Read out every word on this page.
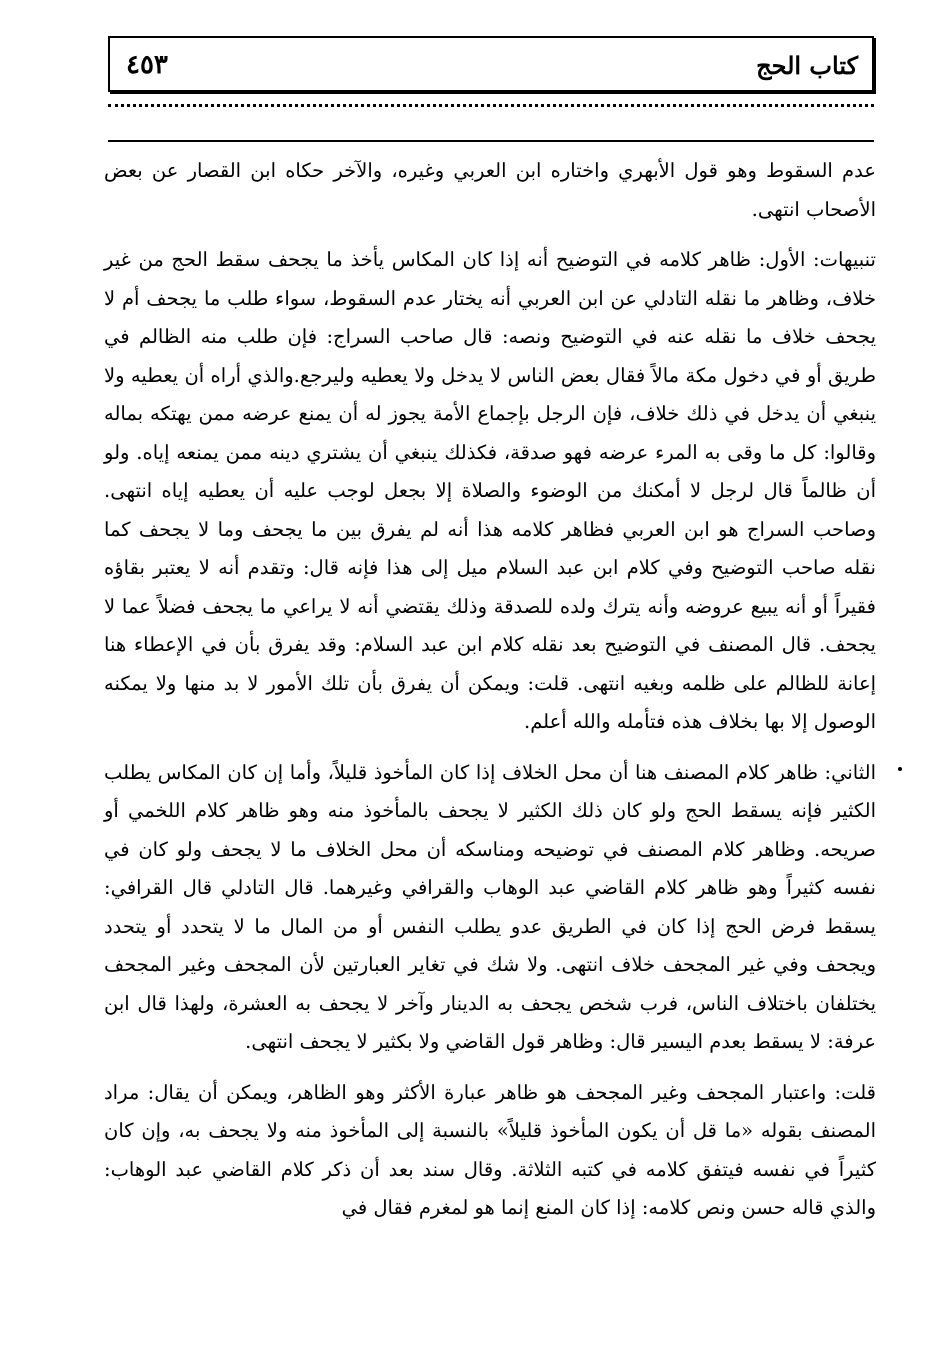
كتاب الحج
٤٥٣

عدم السقوط وهو قول الأبهري واختاره ابن العربي وغيره، والآخر حكاه ابن القصار عن بعض الأصحاب انتهى.

تنبيهات: الأول: ظاهر كلامه في التوضيح أنه إذا كان المكاس يأخذ ما يجحف سقط الحج من غير خلاف، وظاهر ما نقله التادلي عن ابن العربي أنه يختار عدم السقوط، سواء طلب ما يجحف أم لا يجحف خلاف ما نقله عنه في التوضيح ونصه: قال صاحب السراج: فإن طلب منه الظالم في طريق أو في دخول مكة مالاً فقال بعض الناس لا يدخل ولا يعطيه وليرجع.والذي أراه أن يعطيه ولا ينبغي أن يدخل في ذلك خلاف، فإن الرجل بإجماع الأمة يجوز له أن يمنع عرضه ممن يهتكه بماله وقالوا: كل ما وقى به المرء عرضه فهو صدقة، فكذلك ينبغي أن يشتري دينه ممن يمنعه إياه. ولو أن ظالماً قال لرجل لا أمكنك من الوضوء والصلاة إلا بجعل لوجب عليه أن يعطيه إياه انتهى. وصاحب السراج هو ابن العربي فظاهر كلامه هذا أنه لم يفرق بين ما يجحف وما لا يجحف كما نقله صاحب التوضيح وفي كلام ابن عبد السلام ميل إلى هذا فإنه قال: وتقدم أنه لا يعتبر بقاؤه فقيراً أو أنه يبيع عروضه وأنه يترك ولده للصدقة وذلك يقتضي أنه لا يراعي ما يجحف فضلاً عما لا يجحف. قال المصنف في التوضيح بعد نقله كلام ابن عبد السلام: وقد يفرق بأن في الإعطاء هنا إعانة للظالم على ظلمه وبغيه انتهى. قلت: ويمكن أن يفرق بأن تلك الأمور لا بد منها ولا يمكنه الوصول إلا بها بخلاف هذه فتأمله والله أعلم.

الثاني: ظاهر كلام المصنف هنا أن محل الخلاف إذا كان المأخوذ قليلاً، وأما إن كان المكاس يطلب الكثير فإنه يسقط الحج ولو كان ذلك الكثير لا يجحف بالمأخوذ منه وهو ظاهر كلام اللخمي أو صريحه. وظاهر كلام المصنف في توضيحه ومناسكه أن محل الخلاف ما لا يجحف ولو كان في نفسه كثيراً وهو ظاهر كلام القاضي عبد الوهاب والقرافي وغيرهما. قال التادلي قال القرافي: يسقط فرض الحج إذا كان في الطريق عدو يطلب النفس أو من المال ما لا يتحدد أو يتحدد ويجحف وفي غير المجحف خلاف انتهى. ولا شك في تغاير العبارتين لأن المجحف وغير المجحف يختلفان باختلاف الناس، فرب شخص يجحف به الدينار وآخر لا يجحف به العشرة، ولهذا قال ابن عرفة: لا يسقط بعدم اليسير قال: وظاهر قول القاضي ولا بكثير لا يجحف انتهى.

قلت: واعتبار المجحف وغير المجحف هو ظاهر عبارة الأكثر وهو الظاهر، ويمكن أن يقال: مراد المصنف بقوله «ما قل أن يكون المأخوذ قليلاً» بالنسبة إلى المأخوذ منه ولا يجحف به، وإن كان كثيراً في نفسه فيتفق كلامه في كتبه الثلاثة. وقال سند بعد أن ذكر كلام القاضي عبد الوهاب: والذي قاله حسن ونص كلامه: إذا كان المنع إنما هو لمغرم فقال في
